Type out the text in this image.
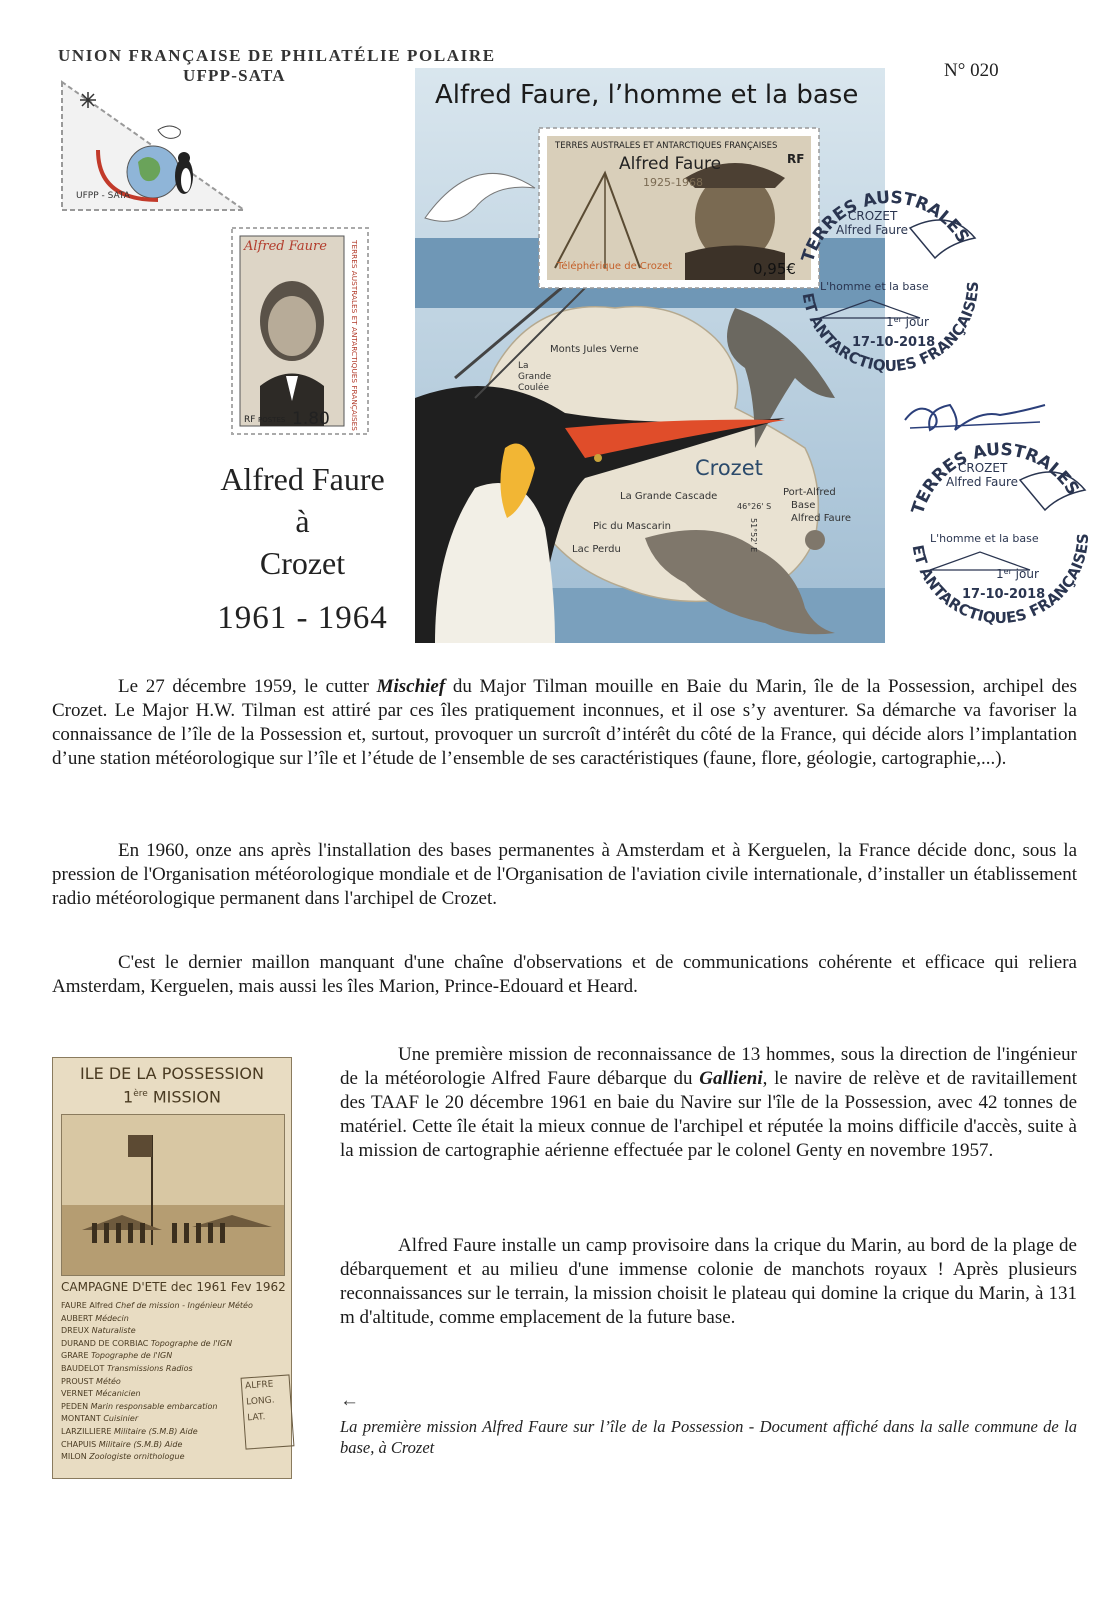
UNION FRANÇAISE DE PHILATÉLIE POLAIRE
UFPP-SATA	N° 020
UFPP - SATA
Alfred Faure
RF POSTES 1.80	TERRES AUSTRALES ET ANTARCTIQUES FRANÇAISES
Alfred Faure
à
Crozet
1961 - 1964
Alfred Faure, l’homme et la base
TERRES AUSTRALES ET ANTARCTIQUES FRANÇAISES
RF
Alfred Faure
1925-1968
Téléphérique de Crozet	0,95€
Monts Jules Verne
La
Grande
Coulée
Crozet
La Grande Cascade	Port-Alfred
Base
Alfred Faure
46°26' S
51°52' E
Pic du Mascarin
Lac Perdu
TERRES AUSTRALES
ET ANTARCTIQUES FRANÇAISES
CROZET
Alfred Faure
L'homme et la base
1er jour
17-10-2018
TERRES AUSTRALES
ET ANTARCTIQUES FRANÇAISES
CROZET
Alfred Faure
L'homme et la base
1er jour
17-10-2018
Le 27 décembre 1959, le cutter Mischief du Major Tilman mouille en Baie du Marin, île de la Possession, archipel des Crozet. Le Major H.W. Tilman est attiré par ces îles pratiquement inconnues, et il ose s’y aventurer. Sa démarche va favoriser la connaissance de l’île de la Possession et, surtout, provoquer un surcroît d’intérêt du côté de la France, qui décide alors l’implantation d’une station météorologique sur l’île et l’étude de l’ensemble de ses caractéristiques (faune, flore, géologie, cartographie,...).
En 1960, onze ans après l'installation des bases permanentes à Amsterdam et à Kerguelen, la France décide donc, sous la pression de l'Organisation météorologique mondiale et de l'Organisation de l'aviation civile internationale, d’installer un établissement radio météorologique permanent dans l'archipel de Crozet.
C'est le dernier maillon manquant d'une chaîne d'observations et de communications cohérente et efficace qui reliera Amsterdam, Kerguelen, mais aussi les îles Marion, Prince-Edouard et Heard.
Une première mission de reconnaissance de 13 hommes, sous la direction de l'ingénieur de la météorologie Alfred Faure débarque du Gallieni, le navire de relève et de ravitaillement des TAAF le 20 décembre 1961 en baie du Navire sur l'île de la Possession, avec 42 tonnes de matériel. Cette île était la mieux connue de l'archipel et réputée la moins difficile d'accès, suite à la mission de cartographie aérienne effectuée par le colonel Genty en novembre 1957.
Alfred Faure installe un camp provisoire dans la crique du Marin, au bord de la plage de débarquement et au milieu d'une immense colonie de manchots royaux ! Après plusieurs reconnaissances sur le terrain, la mission choisit le plateau qui domine la crique du Marin, à 131 m d'altitude, comme emplacement de la future base.
ILE DE LA POSSESSION
1ère MISSION
CAMPAGNE D'ETE dec 1961 Fev 1962
FAURE Alfred Chef de mission - Ingénieur Météo
AUBERT Médecin
DREUX Naturaliste
DURAND DE CORBIAC Topographe de l'IGN
GRARE Topographe de l'IGN
BAUDELOT Transmissions Radios
PROUST Météo
VERNET Mécanicien
PEDEN Marin responsable embarcation
MONTANT Cuisinier
LARZILLIERE Militaire (S.M.B) Aide
CHAPUIS Militaire (S.M.B) Aide
MILON Zoologiste ornithologue
ALFRE
LONG.
LAT.
←
La première mission Alfred Faure sur l’île de la Possession - Document affiché dans la salle commune de la base, à Crozet
